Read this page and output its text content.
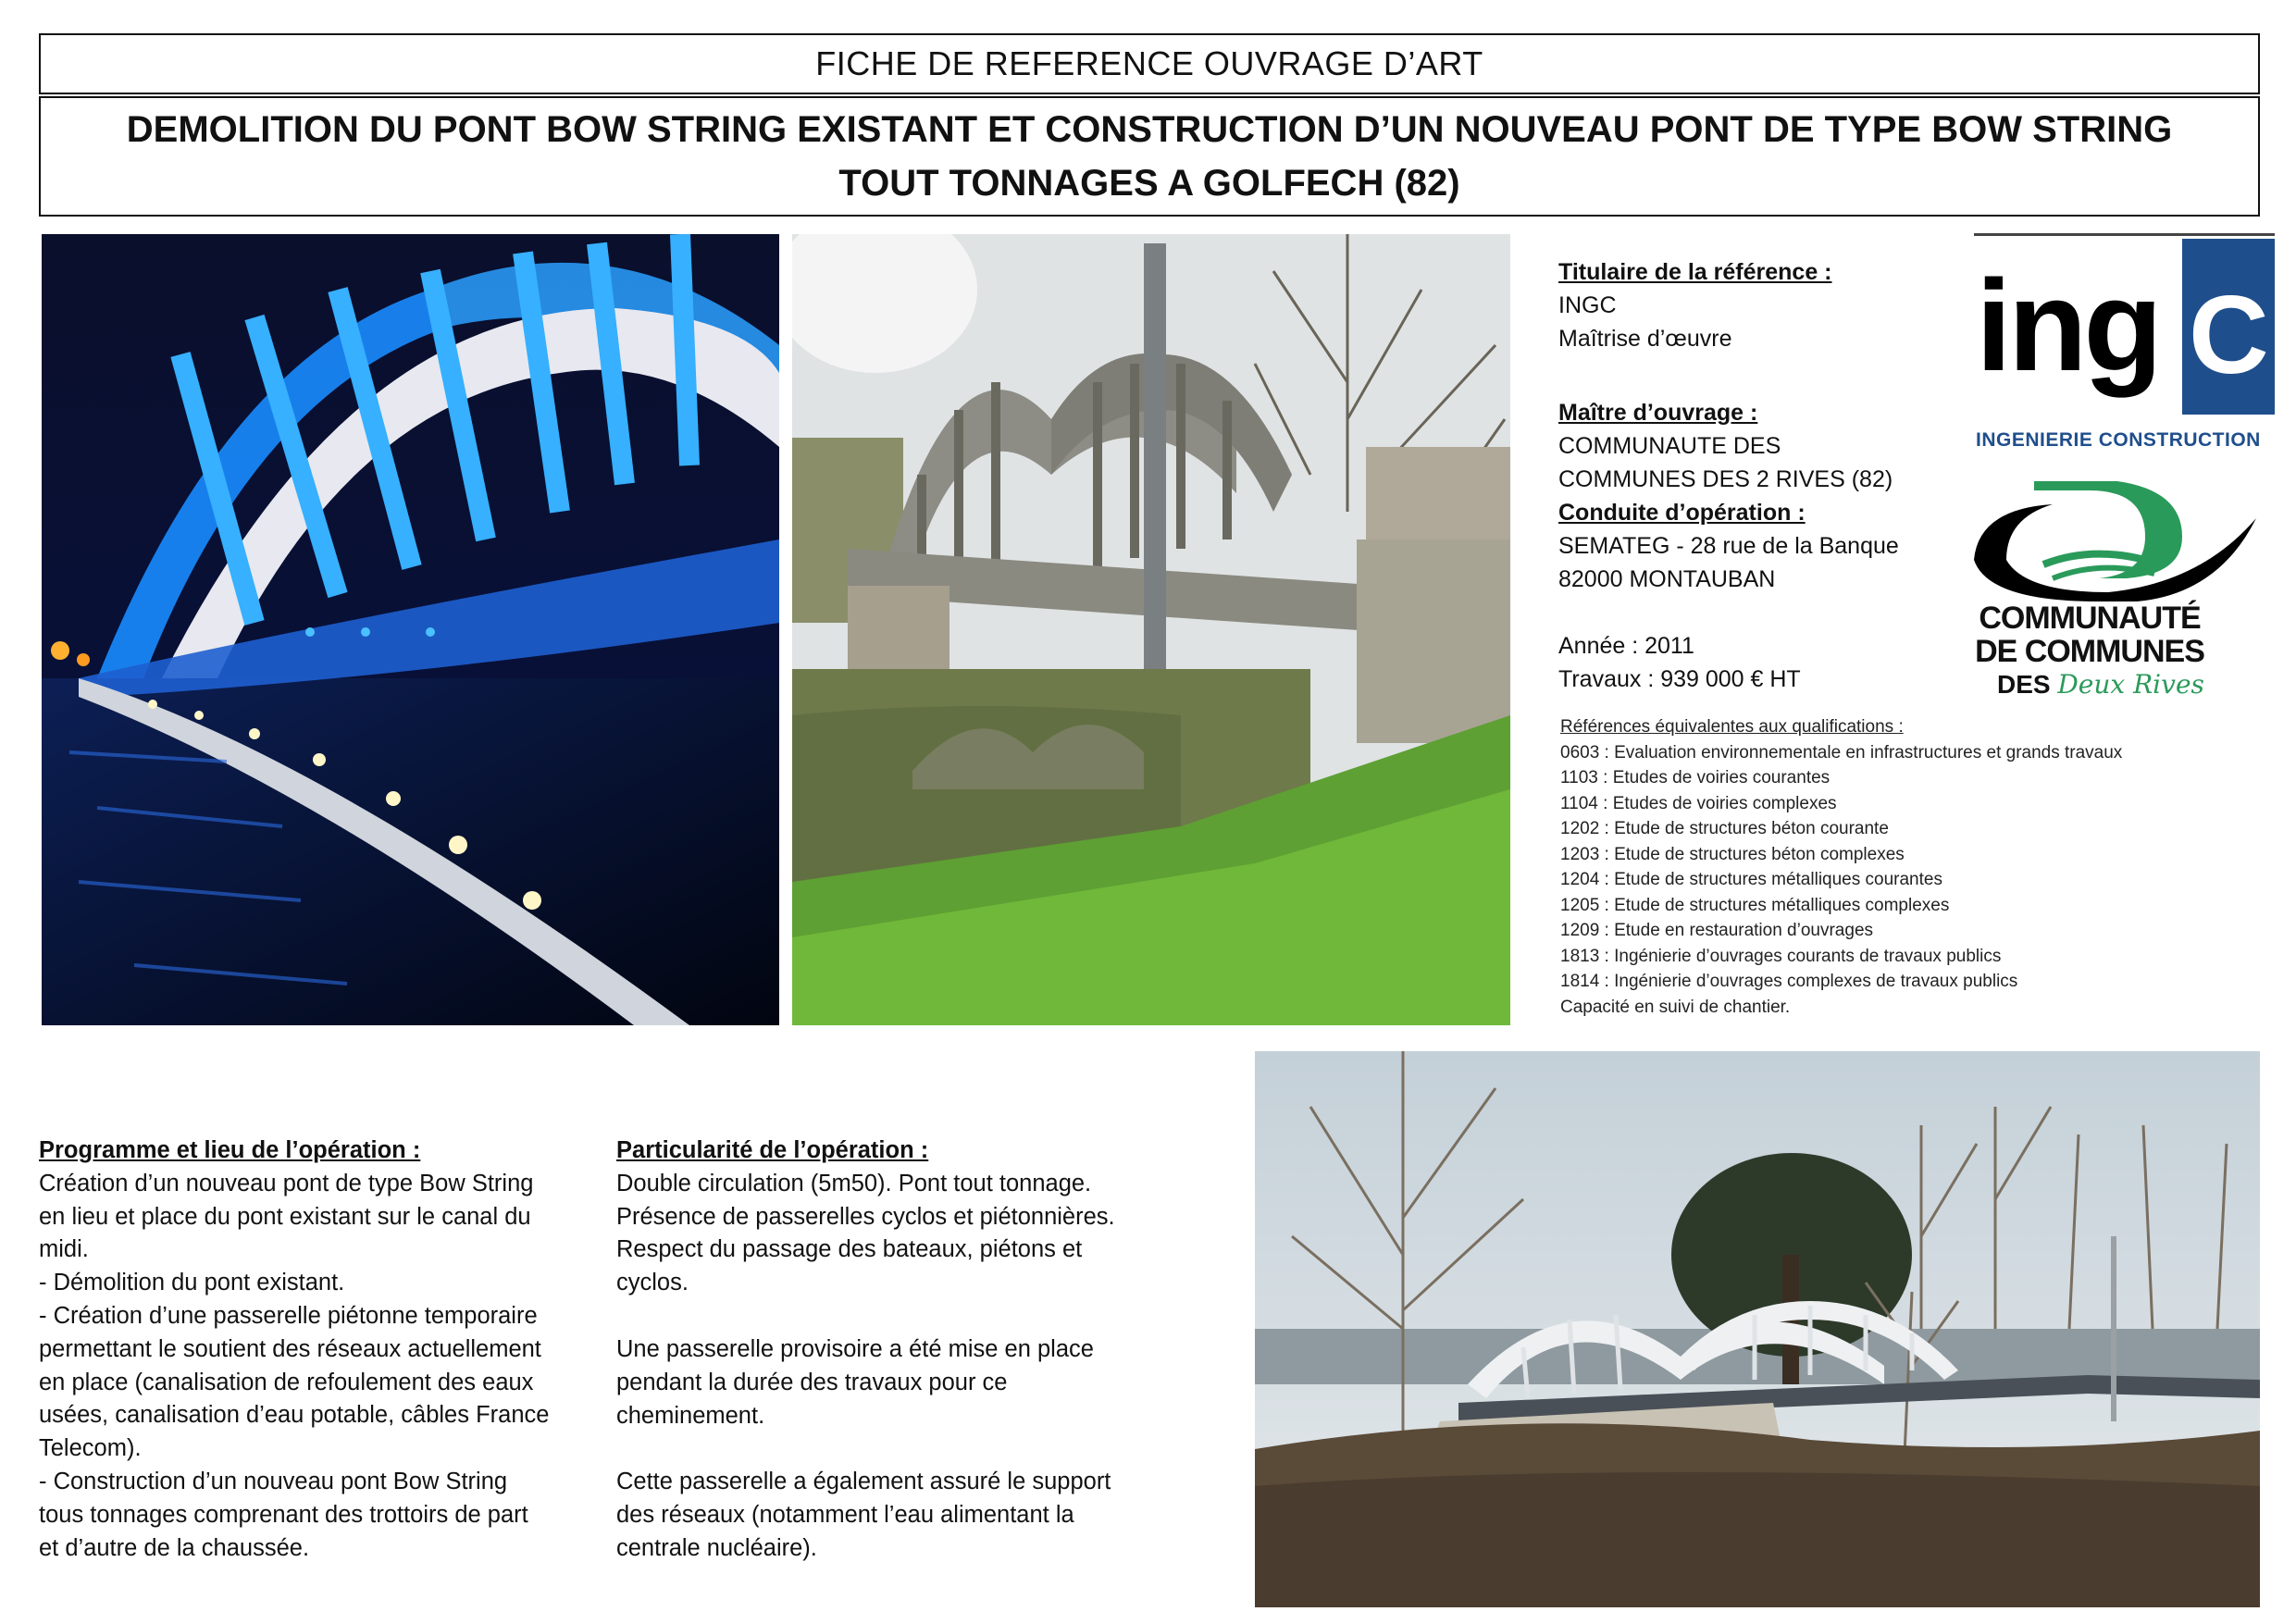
FICHE DE REFERENCE OUVRAGE D’ART
DEMOLITION DU PONT BOW STRING EXISTANT ET CONSTRUCTION D’UN NOUVEAU PONT DE TYPE BOW STRING TOUT TONNAGES A GOLFECH (82)
Titulaire de la référence :
INGC
Maîtrise d’œuvre
Maître d’ouvrage :
COMMUNAUTE DES
COMMUNES DES 2 RIVES (82)
Conduite d’opération :
SEMATEG - 28 rue de la Banque
82000 MONTAUBAN
Année : 2011
Travaux : 939 000 € HT
ing C
INGENIERIE CONSTRUCTION
COMMUNAUTÉ
DE COMMUNES
DES Deux Rives
Références équivalentes aux qualifications :
0603 : Evaluation environnementale en infrastructures et grands travaux
1103 : Etudes de voiries courantes
1104 : Etudes de voiries complexes
1202 : Etude de structures béton courante
1203 : Etude de structures béton complexes
1204 : Etude de structures métalliques courantes
1205 : Etude de structures métalliques complexes
1209 : Etude en restauration d’ouvrages
1813 : Ingénierie d’ouvrages courants de travaux publics
1814 : Ingénierie d’ouvrages complexes de travaux publics
Capacité en suivi de chantier.
Programme et lieu de l’opération :
Création d’un nouveau pont de type Bow String
en lieu et place du pont existant sur le canal du
midi.
- Démolition du pont existant.
- Création d’une passerelle piétonne temporaire
permettant le soutient des réseaux actuellement
en place (canalisation de refoulement des eaux
usées, canalisation d’eau potable, câbles France
Telecom).
- Construction d’un nouveau pont Bow String
tous tonnages comprenant des trottoirs de part
et d’autre de la chaussée.
Particularité de l’opération :
Double circulation (5m50). Pont tout tonnage.
Présence de passerelles cyclos et piétonnières.
Respect du passage des bateaux, piétons et
cyclos.
Une passerelle provisoire a été mise en place
pendant la durée des travaux pour ce
cheminement.
Cette passerelle a également assuré le support
des réseaux (notamment l’eau alimentant la
centrale nucléaire).
